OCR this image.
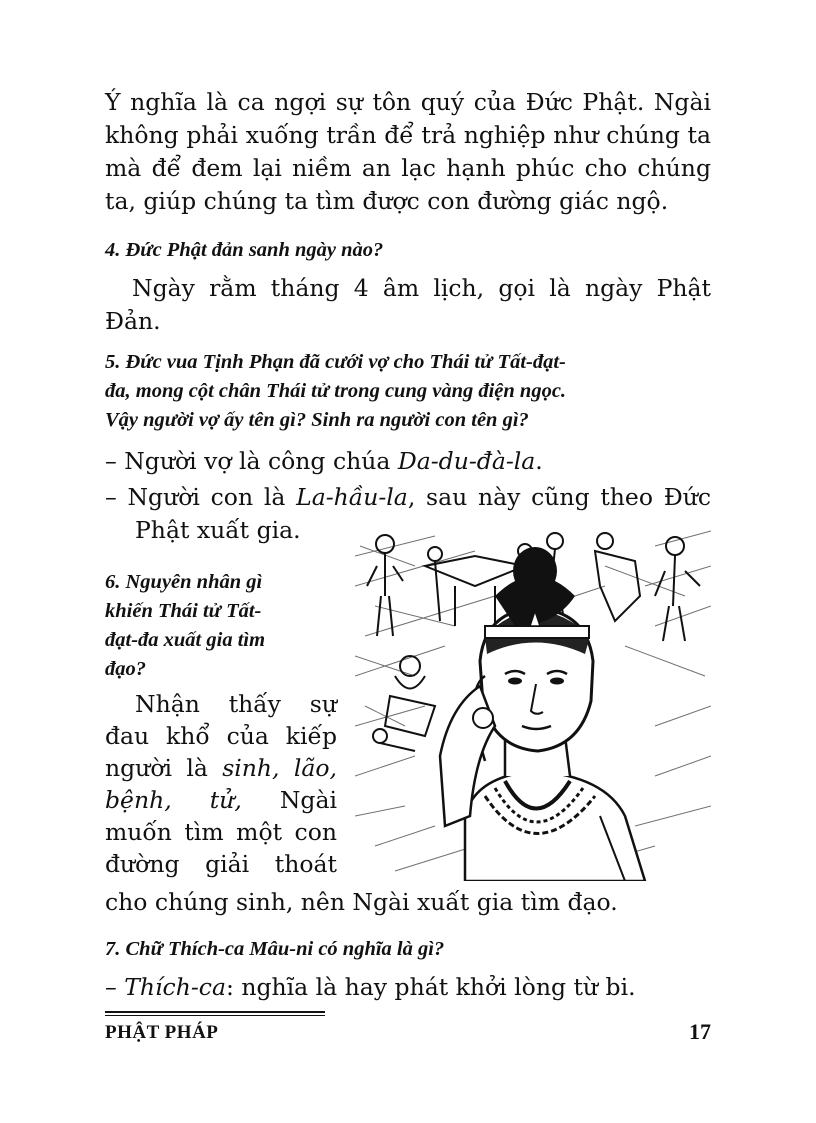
Ý nghĩa là ca ngợi sự tôn quý của Đức Phật. Ngài

không phải xuống trần để trả nghiệp như chúng ta

mà để đem lại niềm an lạc hạnh phúc cho chúng

ta, giúp chúng ta tìm được con đường giác ngộ.

4. Đức Phật đản sanh ngày nào?

Ngày rằm tháng 4 âm lịch, gọi là ngày Phật

Đản.

5. Đức vua Tịnh Phạn đã cưới vợ cho Thái tử Tất-đạt-

đa, mong cột chân Thái tử trong cung vàng điện ngọc.

Vậy người vợ ấy tên gì? Sinh ra người con tên gì?

– Người vợ là công chúa Da-du-đà-la.

– Người con là La-hầu-la, sau này cũng theo Đức

Phật xuất gia.

6. Nguyên nhân gì

khiến Thái tử Tất-

đạt-đa xuất gia tìm

đạo?

Nhận thấy sự
đau khổ của kiếp
người là sinh, lão,
bệnh, tử, Ngài
muốn tìm một con
đường giải thoát

cho chúng sinh, nên Ngài xuất gia tìm đạo.

7. Chữ Thích-ca Mâu-ni có nghĩa là gì?

– Thích-ca: nghĩa là hay phát khởi lòng từ bi.

PHẬT PHÁP	17
